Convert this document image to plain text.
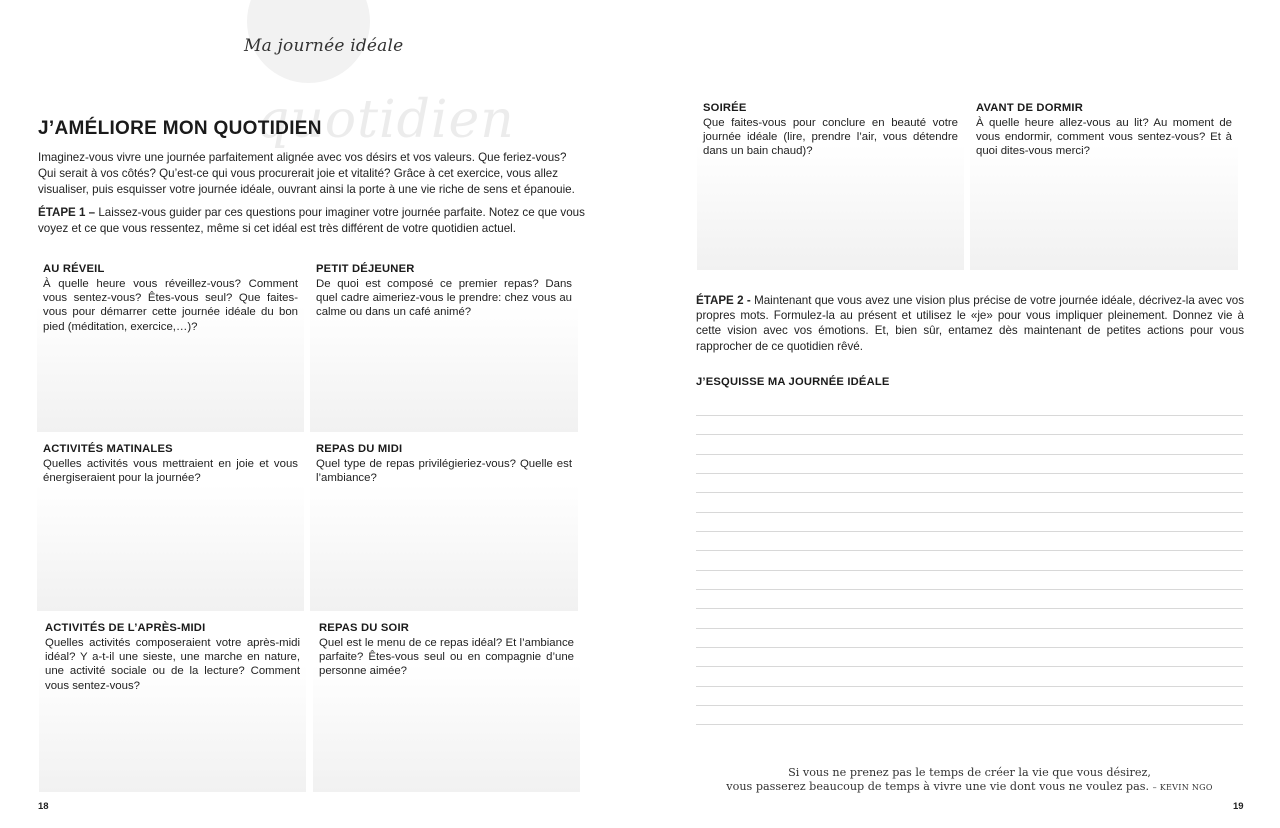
Ma journée idéale
quotidien
J’AMÉLIORE MON QUOTIDIEN

Imaginez-vous vivre une journée parfaitement alignée avec vos désirs et vos valeurs. Que feriez-vous? Qui serait à vos côtés? Qu’est-ce qui vous procurerait joie et vitalité? Grâce à cet exercice, vous allez visualiser, puis esquisser votre journée idéale, ouvrant ainsi la porte à une vie riche de sens et épanouie.

ÉTAPE 1 – Laissez-vous guider par ces questions pour imaginer votre journée parfaite. Notez ce que vous voyez et ce que vous ressentez, même si cet idéal est très différent de votre quotidien actuel.

AU RÉVEIL
À quelle heure vous réveillez-vous? Comment vous sentez-vous? Êtes-vous seul? Que faites-vous pour démarrer cette journée idéale du bon pied (méditation, exercice,…)?
PETIT DÉJEUNER
De quoi est composé ce premier repas? Dans quel cadre aimeriez-vous le prendre: chez vous au calme ou dans un café animé?
ACTIVITÉS MATINALES
Quelles activités vous mettraient en joie et vous énergiseraient pour la journée?
REPAS DU MIDI
Quel type de repas privilégieriez-vous? Quelle est l’ambiance?
ACTIVITÉS DE L’APRÈS-MIDI
Quelles activités composeraient votre après-midi idéal? Y a-t-il une sieste, une marche en nature, une activité sociale ou de la lecture? Comment vous sentez-vous?
REPAS DU SOIR
Quel est le menu de ce repas idéal? Et l’ambiance parfaite? Êtes-vous seul ou en compagnie d’une personne aimée?
18
SOIRÉE
Que faites-vous pour conclure en beauté votre journée idéale (lire, prendre l’air, vous détendre dans un bain chaud)?
AVANT DE DORMIR
À quelle heure allez-vous au lit? Au moment de vous endormir, comment vous sentez-vous? Et à quoi dites-vous merci?

ÉTAPE 2 - Maintenant que vous avez une vision plus précise de votre journée idéale, décrivez-la avec vos propres mots. Formulez-la au présent et utilisez le «je» pour vous impliquer pleinement. Donnez vie à cette vision avec vos émotions. Et, bien sûr, entamez dès maintenant de petites actions pour vous rapprocher de ce quotidien rêvé.

J’ESQUISSE MA JOURNÉE IDÉALE
Si vous ne prenez pas le temps de créer la vie que vous désirez,
vous passerez beaucoup de temps à vivre une vie dont vous ne voulez pas. – KEVIN NGO
19
